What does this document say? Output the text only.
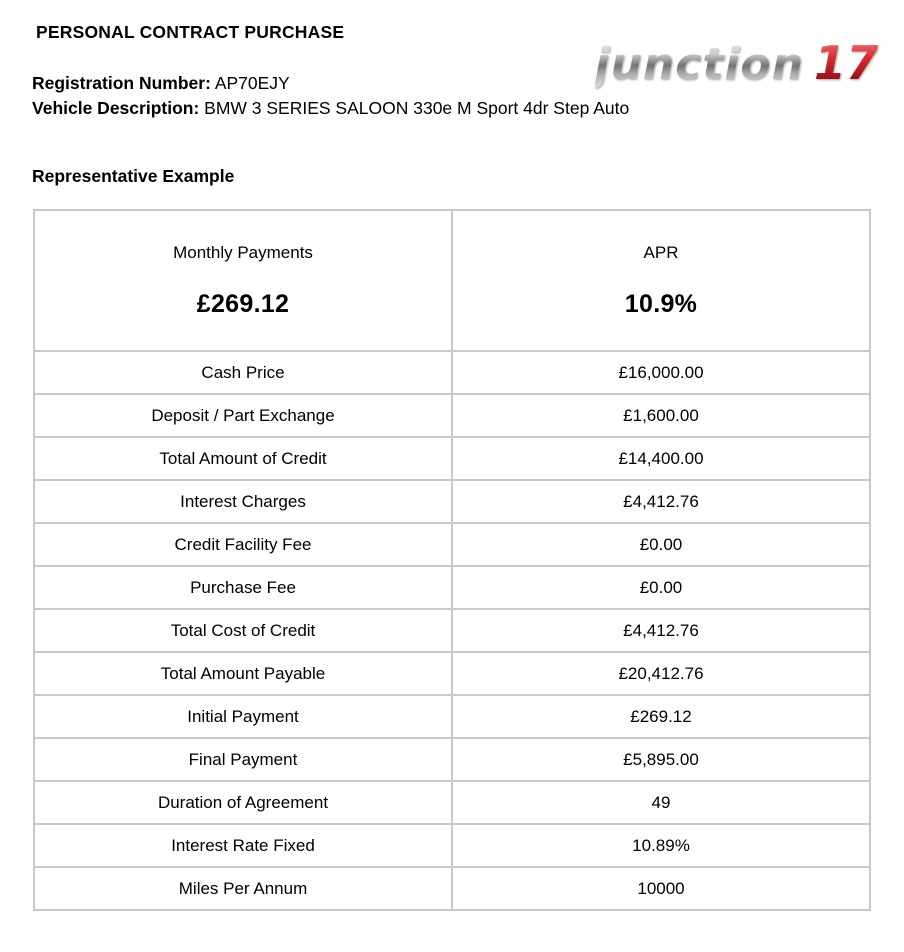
PERSONAL CONTRACT PURCHASE
junction 17
Registration Number: AP70EJY
Vehicle Description: BMW 3 SERIES SALOON 330e M Sport 4dr Step Auto
Representative Example
Monthly Payments
£269.12

APR
10.9%

Cash Price	£16,000.00
Deposit / Part Exchange	£1,600.00
Total Amount of Credit	£14,400.00
Interest Charges	£4,412.76
Credit Facility Fee	£0.00
Purchase Fee	£0.00
Total Cost of Credit	£4,412.76
Total Amount Payable	£20,412.76
Initial Payment	£269.12
Final Payment	£5,895.00
Duration of Agreement	49
Interest Rate Fixed	10.89%
Miles Per Annum	10000
